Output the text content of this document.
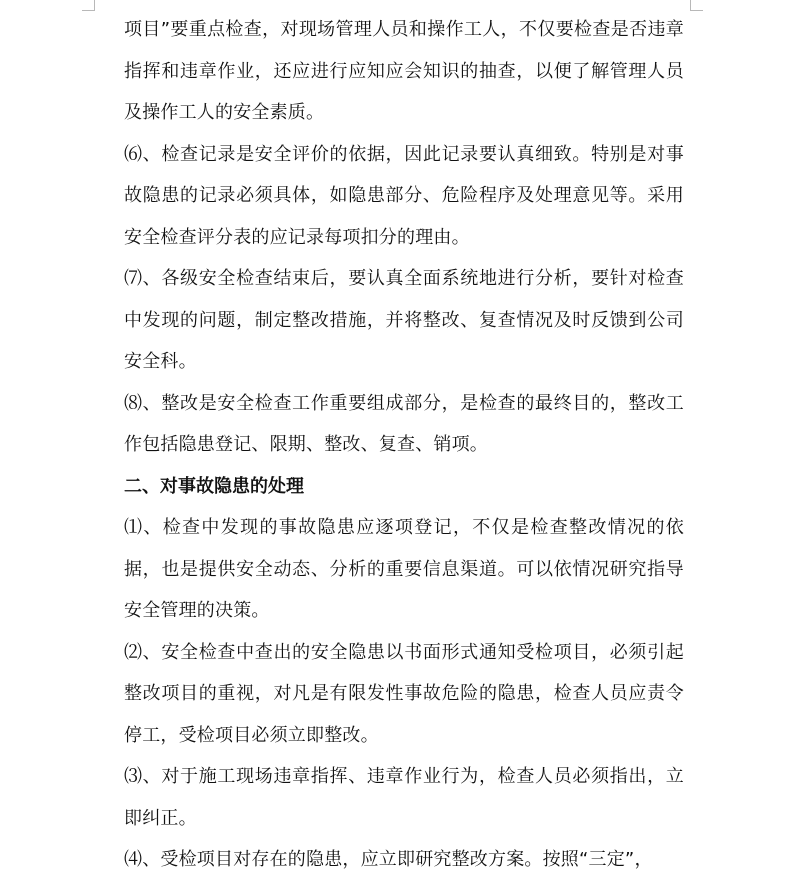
项目”要重点检查，对现场管理人员和操作工人，不仅要检查是否违章指挥和违章作业，还应进行应知应会知识的抽查，以便了解管理人员及操作工人的安全素质。

⑹、检查记录是安全评价的依据，因此记录要认真细致。特别是对事故隐患的记录必须具体，如隐患部分、危险程序及处理意见等。采用安全检查评分表的应记录每项扣分的理由。

⑺、各级安全检查结束后，要认真全面系统地进行分析，要针对检查中发现的问题，制定整改措施，并将整改、复查情况及时反馈到公司安全科。

⑻、整改是安全检查工作重要组成部分，是检查的最终目的，整改工作包括隐患登记、限期、整改、复查、销项。

二、对事故隐患的处理

⑴、检查中发现的事故隐患应逐项登记，不仅是检查整改情况的依据，也是提供安全动态、分析的重要信息渠道。可以依情况研究指导安全管理的决策。

⑵、安全检查中查出的安全隐患以书面形式通知受检项目，必须引起整改项目的重视，对凡是有限发性事故危险的隐患，检查人员应责令停工，受检项目必须立即整改。

⑶、对于施工现场违章指挥、违章作业行为，检查人员必须指出，立即纠正。

⑷、受检项目对存在的隐患，应立即研究整改方案。按照“三定”，
